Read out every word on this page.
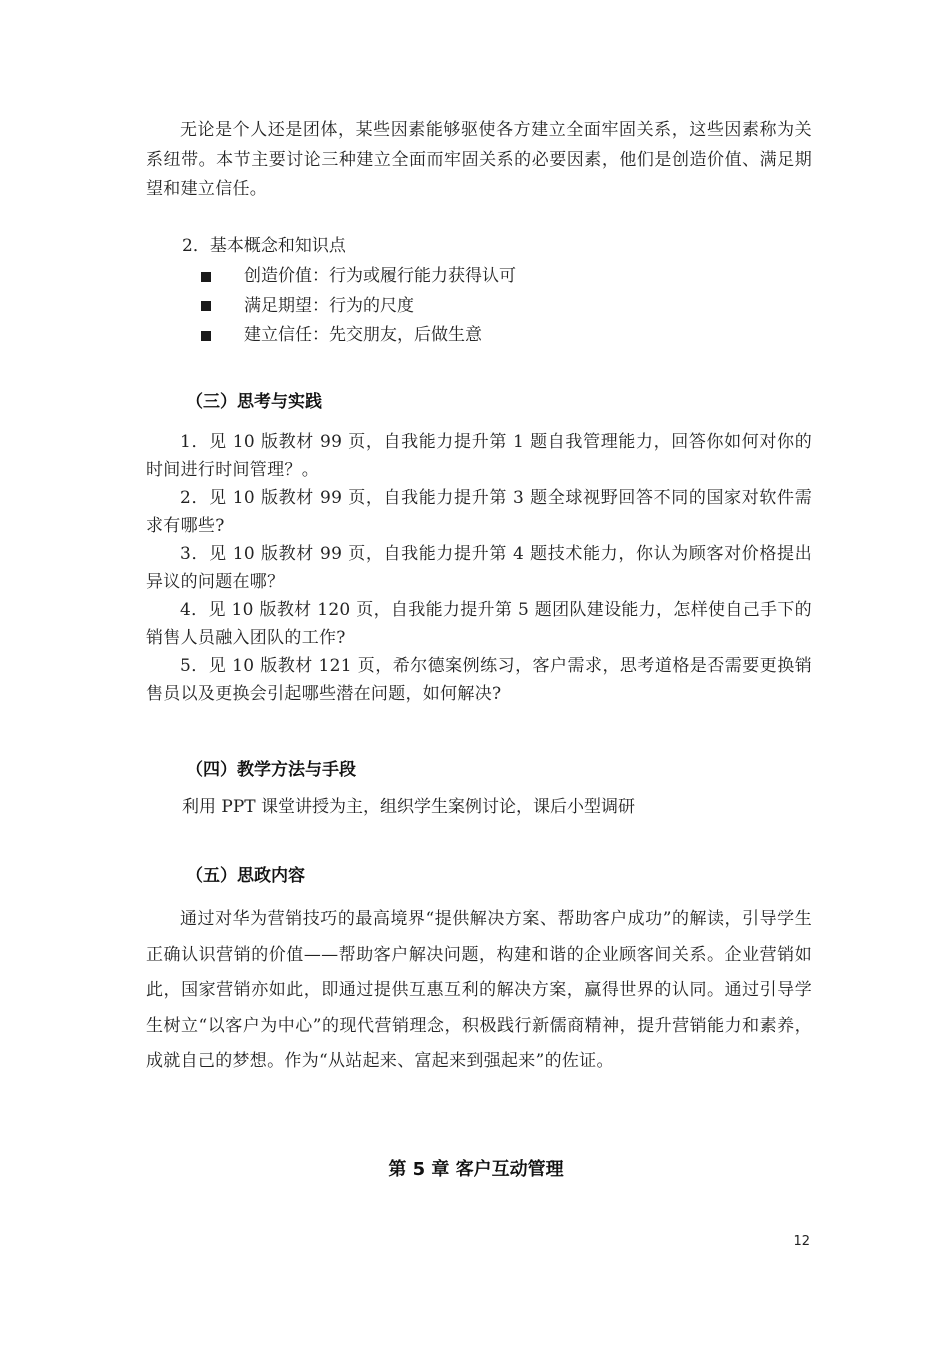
无论是个人还是团体，某些因素能够驱使各方建立全面牢固关系，这些因素称为关系纽带。本节主要讨论三种建立全面而牢固关系的必要因素，他们是创造价值、满足期望和建立信任。

2．基本概念和知识点

创造价值：行为或履行能力获得认可
满足期望：行为的尺度
建立信任：先交朋友，后做生意

（三）思考与实践

1．见 10 版教材 99 页，自我能力提升第 1 题自我管理能力，回答你如何对你的时间进行时间管理？。

2．见 10 版教材 99 页，自我能力提升第 3 题全球视野回答不同的国家对软件需求有哪些?

3．见 10 版教材 99 页，自我能力提升第 4 题技术能力，你认为顾客对价格提出异议的问题在哪？

4．见 10 版教材 120 页，自我能力提升第 5 题团队建设能力，怎样使自己手下的销售人员融入团队的工作?

5．见 10 版教材 121 页，希尔德案例练习，客户需求，思考道格是否需要更换销售员以及更换会引起哪些潜在问题，如何解决?

（四）教学方法与手段

利用 PPT 课堂讲授为主，组织学生案例讨论，课后小型调研

（五）思政内容

通过对华为营销技巧的最高境界“提供解决方案、帮助客户成功”的解读，引导学生正确认识营销的价值——帮助客户解决问题，构建和谐的企业顾客间关系。企业营销如此，国家营销亦如此，即通过提供互惠互利的解决方案，赢得世界的认同。通过引导学生树立“以客户为中心”的现代营销理念，积极践行新儒商精神，提升营销能力和素养，成就自己的梦想。作为“从站起来、富起来到强起来”的佐证。

第 5 章 客户互动管理

12
